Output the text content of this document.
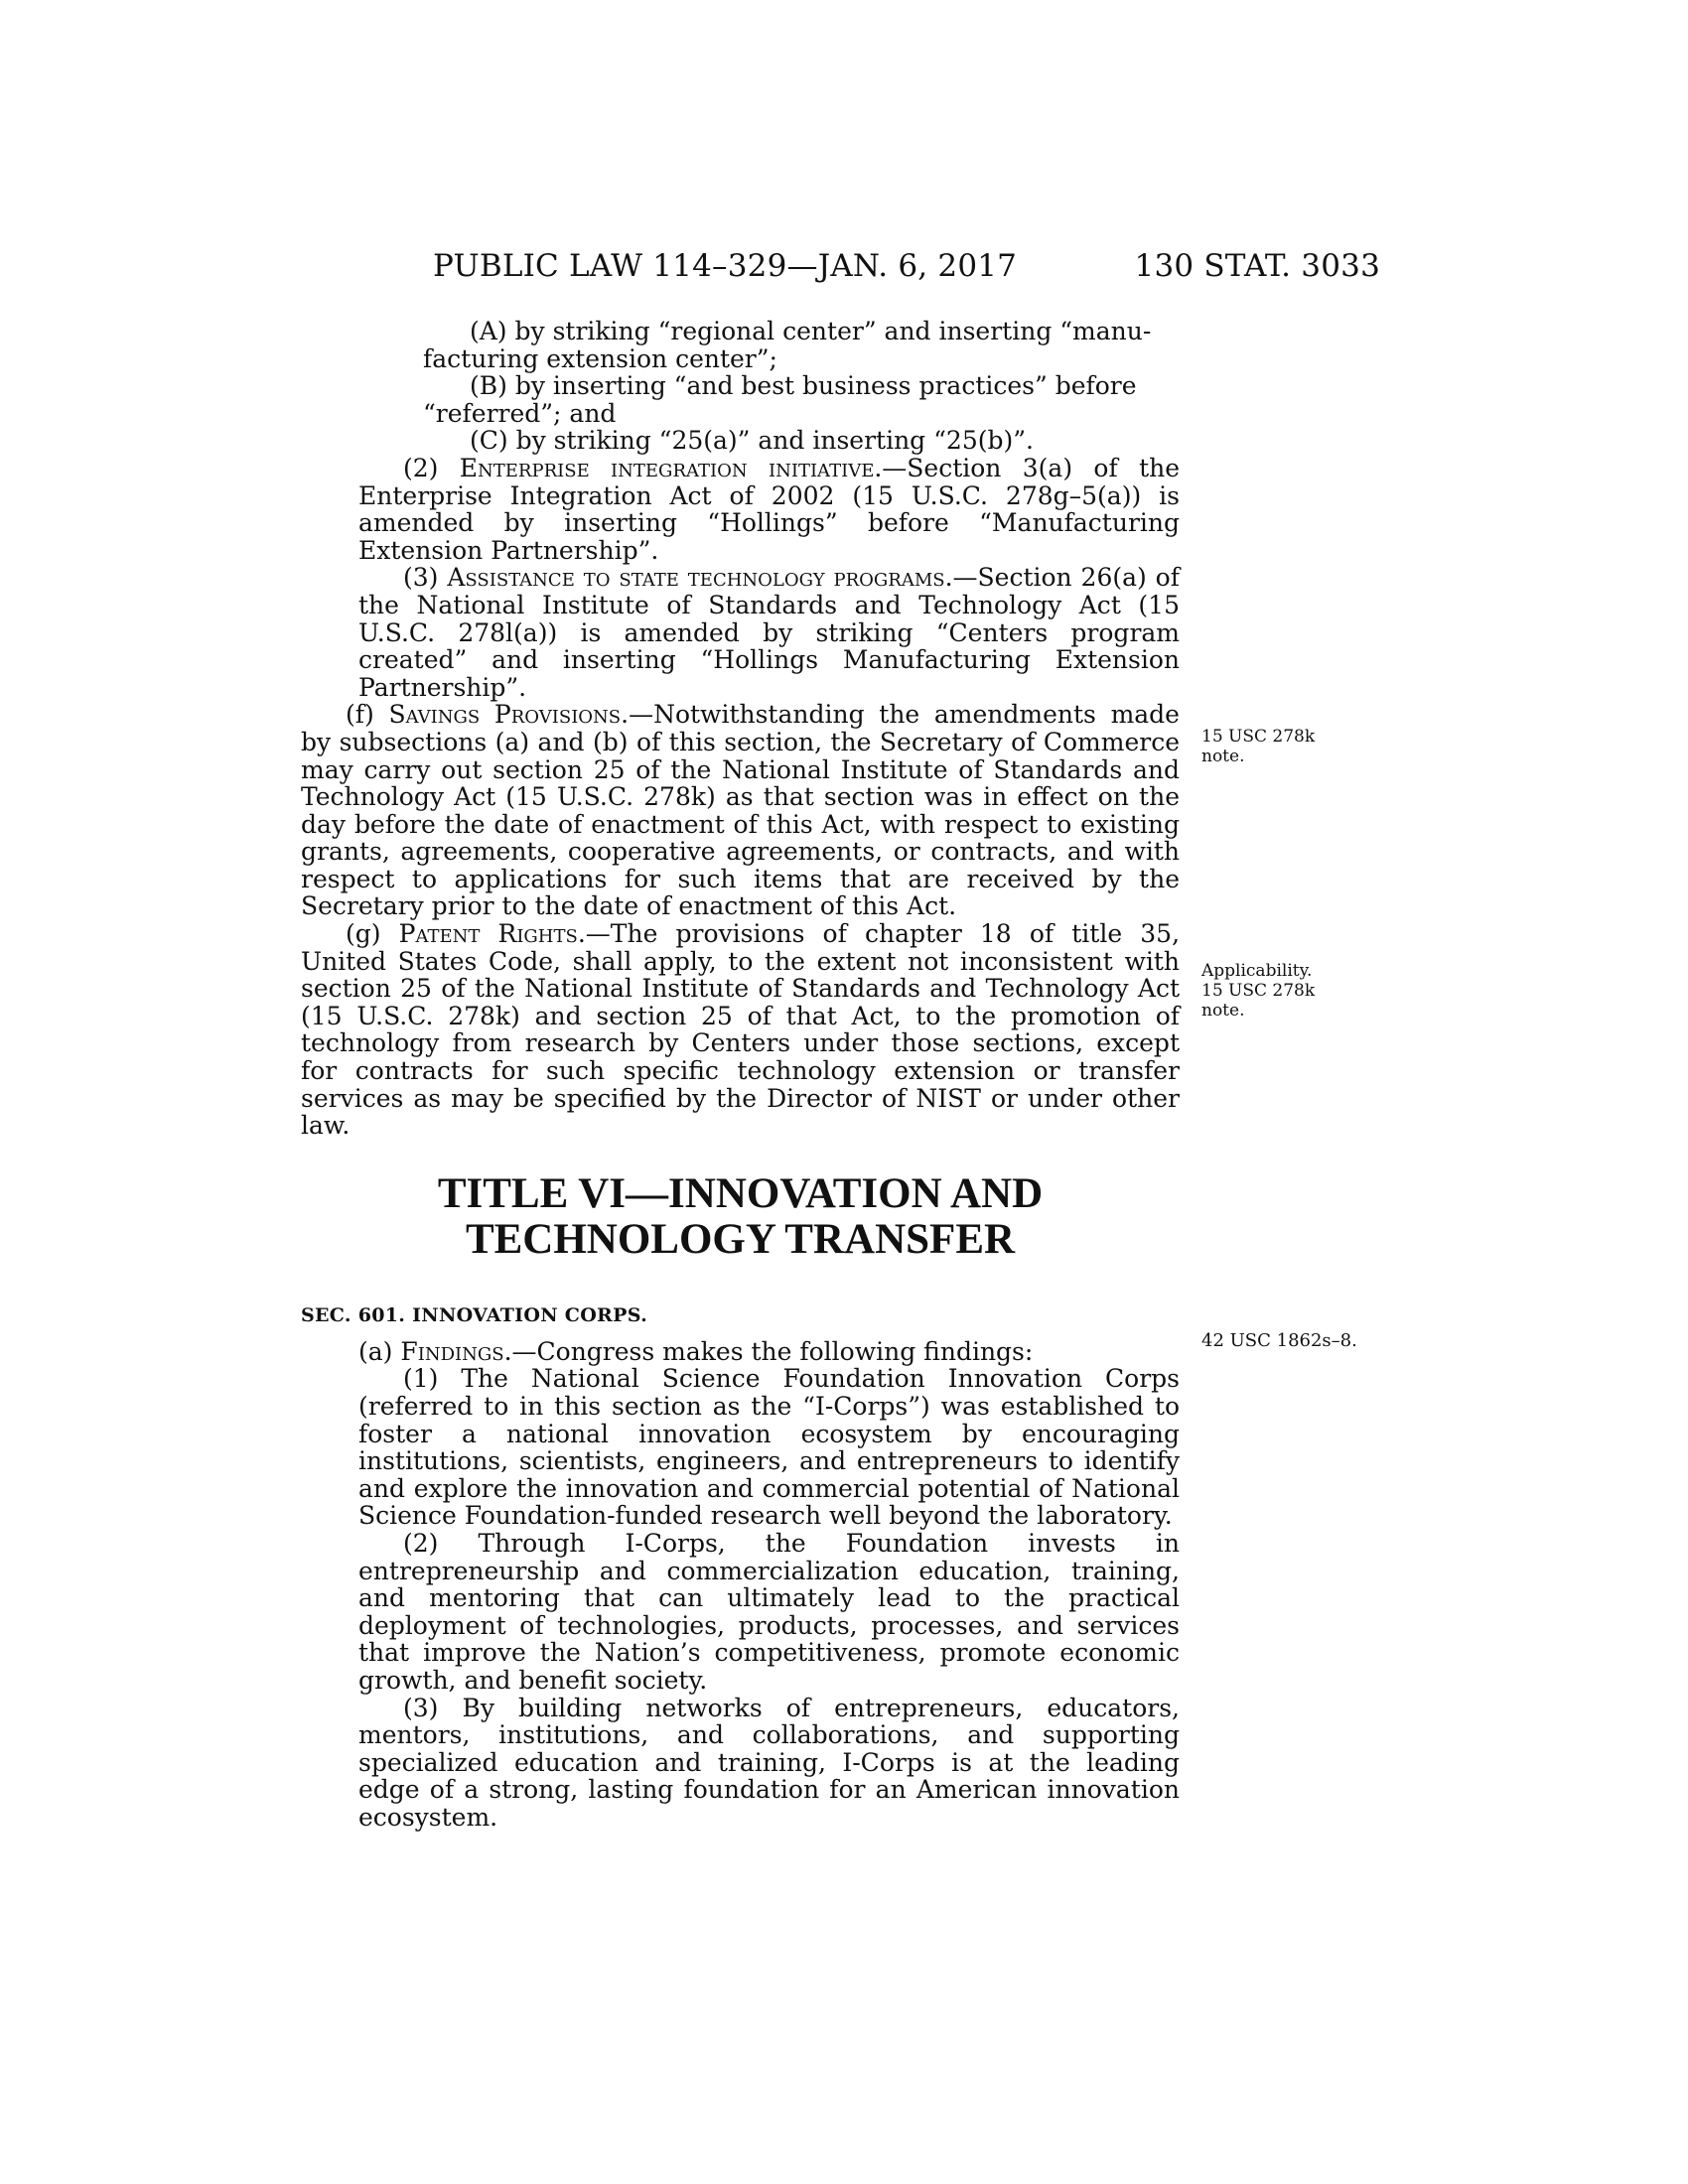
PUBLIC LAW 114–329—JAN. 6, 2017	130 STAT. 3033
15 USC 278k
note.
Applicability.
15 USC 278k
note.
42 USC 1862s–8.

(A) by striking “regional center” and inserting “manu-

facturing extension center”;

(B) by inserting “and best business practices” before

“referred”; and

(C) by striking “25(a)” and inserting “25(b)”.

(2) Enterprise integration initiative.—Section 3(a) of the Enterprise Integration Act of 2002 (15 U.S.C. 278g–5(a)) is amended by inserting “Hollings” before “Manufacturing Extension Partnership”.

(3) Assistance to state technology programs.—Section 26(a) of the National Institute of Standards and Technology Act (15 U.S.C. 278l(a)) is amended by striking “Centers program created” and inserting “Hollings Manufacturing Extension Partnership”.

(f) Savings Provisions.—Notwithstanding the amendments made by subsections (a) and (b) of this section, the Secretary of Commerce may carry out section 25 of the National Institute of Standards and Technology Act (15 U.S.C. 278k) as that section was in effect on the day before the date of enactment of this Act, with respect to existing grants, agreements, cooperative agreements, or contracts, and with respect to applications for such items that are received by the Secretary prior to the date of enactment of this Act.

(g) Patent Rights.—The provisions of chapter 18 of title 35, United States Code, shall apply, to the extent not inconsistent with section 25 of the National Institute of Standards and Technology Act (15 U.S.C. 278k) and section 25 of that Act, to the promotion of technology from research by Centers under those sections, except for contracts for such specific technology extension or transfer services as may be specified by the Director of NIST or under other law.

TITLE VI—INNOVATION AND
TECHNOLOGY TRANSFER
SEC. 601. INNOVATION CORPS.

(a) Findings.—Congress makes the following findings:

(1) The National Science Foundation Innovation Corps (referred to in this section as the “I-Corps”) was established to foster a national innovation ecosystem by encouraging institutions, scientists, engineers, and entrepreneurs to identify and explore the innovation and commercial potential of National Science Foundation-funded research well beyond the laboratory.

(2) Through I-Corps, the Foundation invests in entrepreneurship and commercialization education, training, and mentoring that can ultimately lead to the practical deployment of technologies, products, processes, and services that improve the Nation’s competitiveness, promote economic growth, and benefit society.

(3) By building networks of entrepreneurs, educators, mentors, institutions, and collaborations, and supporting specialized education and training, I-Corps is at the leading edge of a strong, lasting foundation for an American innovation ecosystem.
